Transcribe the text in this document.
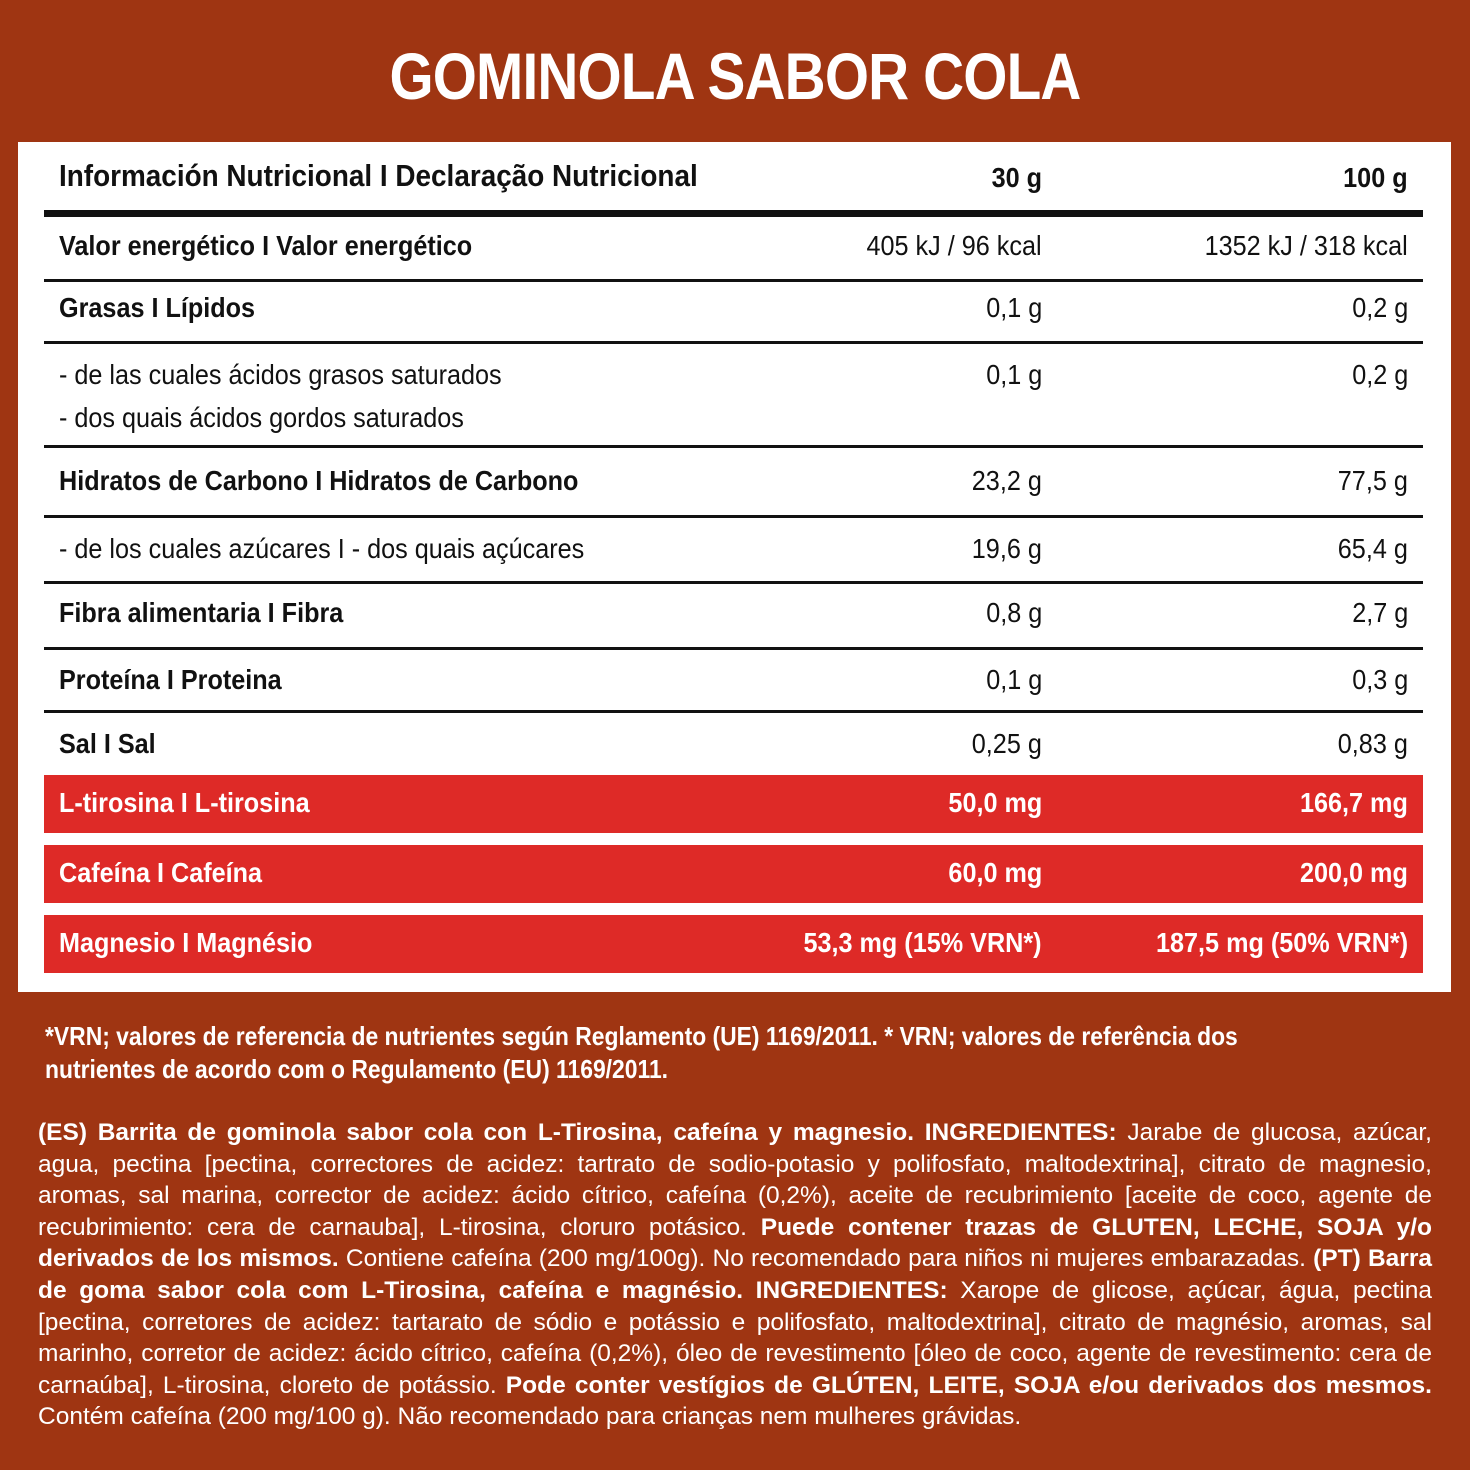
GOMINOLA SABOR COLA
Información Nutricional I Declaração Nutricional	30 g	100 g
Valor energético I Valor energético	405 kJ / 96 kcal	1352 kJ / 318 kcal
Grasas I Lípidos	0,1 g	0,2 g
- de las cuales ácidos grasos saturados	0,1 g	0,2 g
- dos quais ácidos gordos saturados
Hidratos de Carbono I Hidratos de Carbono	23,2 g	77,5 g
- de los cuales azúcares I - dos quais açúcares	19,6 g	65,4 g
Fibra alimentaria I Fibra	0,8 g	2,7 g
Proteína I Proteina	0,1 g	0,3 g
Sal I Sal	0,25 g	0,83 g
L-tirosina I L-tirosina	50,0 mg	166,7 mg
Cafeína I Cafeína	60,0 mg	200,0 mg
Magnesio I Magnésio	53,3 mg (15% VRN*)	187,5 mg (50% VRN*)
*VRN; valores de referencia de nutrientes según Reglamento (UE) 1169/2011. * VRN; valores de referência dos
nutrientes de acordo com o Regulamento (EU) 1169/2011.
(ES) Barrita de gominola sabor cola con L-Tirosina, cafeína y magnesio. INGREDIENTES: Jarabe de glucosa, azúcar, agua, pectina [pectina, correctores de acidez: tartrato de sodio-potasio y polifosfato, maltodextrina], citrato de magnesio, aromas, sal marina, corrector de acidez: ácido cítrico, cafeína (0,2%), aceite de recubrimiento [aceite de coco, agente de recubrimiento: cera de carnauba], L-tirosina, cloruro potásico. Puede contener trazas de GLUTEN, LECHE, SOJA y/o derivados de los mismos. Contiene cafeína (200 mg/100g). No recomendado para niños ni mujeres embarazadas. (PT) Barra de goma sabor cola com L-Tirosina, cafeína e magnésio. INGREDIENTES: Xarope de glicose, açúcar, água, pectina [pectina, corretores de acidez: tartarato de sódio e potássio e polifosfato, maltodextrina], citrato de magnésio, aromas, sal marinho, corretor de acidez: ácido cítrico, cafeína (0,2%), óleo de revestimento [óleo de coco, agente de revestimento: cera de carnaúba], L-tirosina, cloreto de potássio. Pode conter vestígios de GLÚTEN, LEITE, SOJA e/ou derivados dos mesmos. Contém cafeína (200 mg/100 g). Não recomendado para crianças nem mulheres grávidas.
